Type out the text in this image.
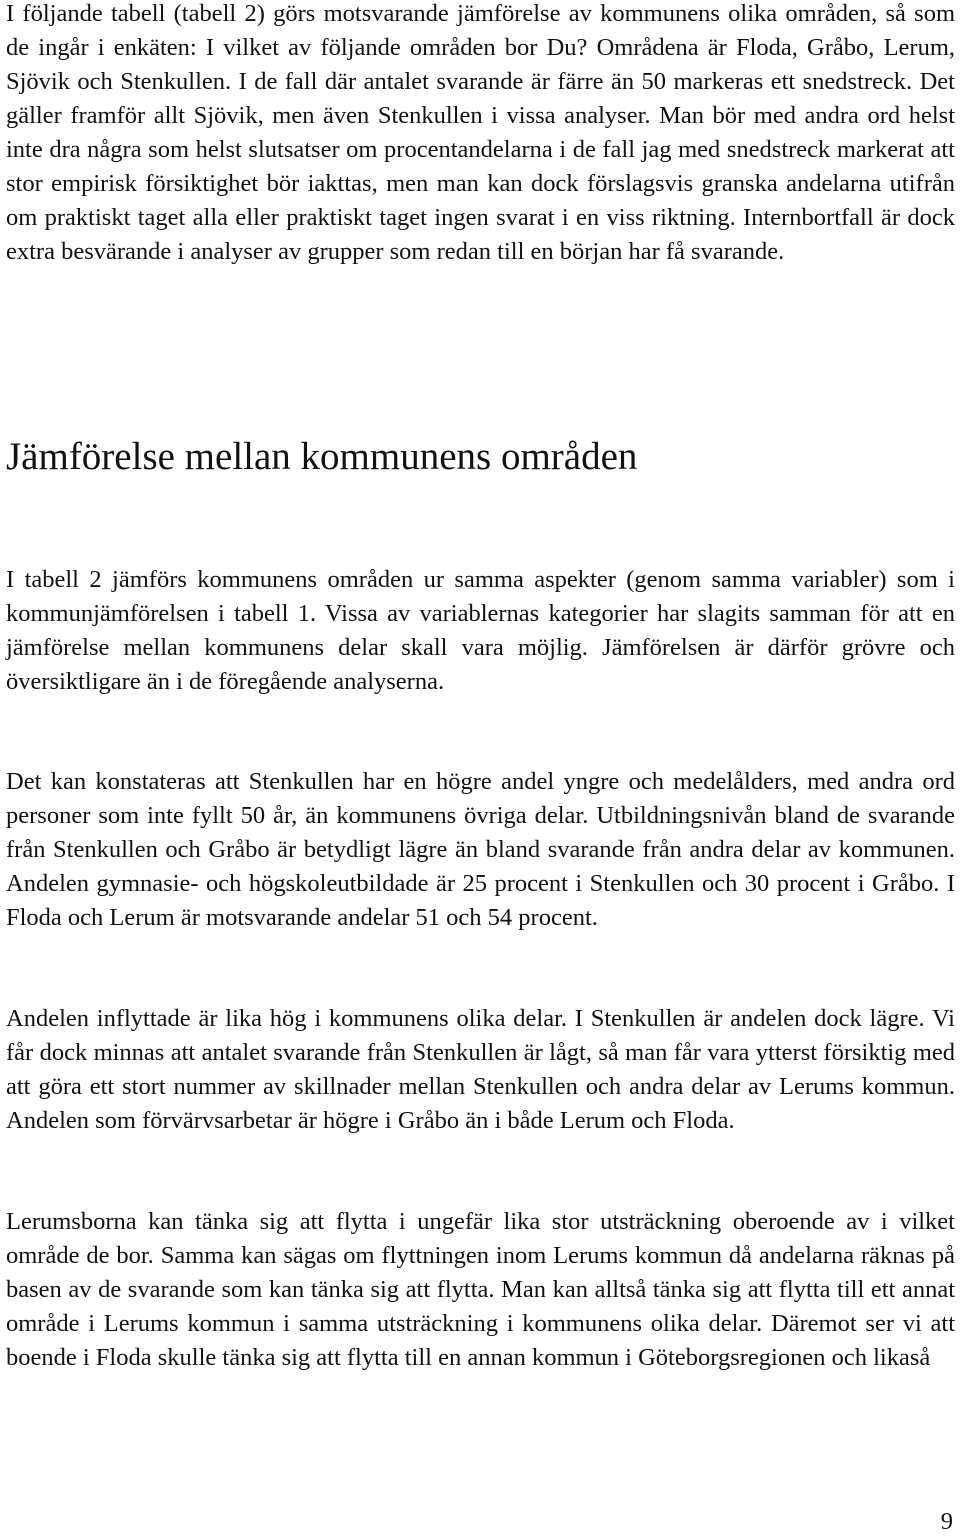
I följande tabell (tabell 2) görs motsvarande jämförelse av kommunens olika områden, så som de ingår i enkäten: I vilket av följande områden bor Du? Områdena är Floda, Gråbo, Lerum, Sjövik och Stenkullen. I de fall där antalet svarande är färre än 50 markeras ett snedstreck. Det gäller framför allt Sjövik, men även Stenkullen i vissa analyser. Man bör med andra ord helst inte dra några som helst slutsatser om procentandelarna i de fall jag med snedstreck markerat att stor empirisk försiktighet bör iakttas, men man kan dock förslagsvis granska andelarna utifrån om praktiskt taget alla eller praktiskt taget ingen svarat i en viss riktning. Internbortfall är dock extra besvärande i analyser av grupper som redan till en början har få svarande.

Jämförelse mellan kommunens områden

I tabell 2 jämförs kommunens områden ur samma aspekter (genom samma variabler) som i kommunjämförelsen i tabell 1. Vissa av variablernas kategorier har slagits samman för att en jämförelse mellan kommunens delar skall vara möjlig. Jämförelsen är därför grövre och översiktligare än i de föregående analyserna.

Det kan konstateras att Stenkullen har en högre andel yngre och medelålders, med andra ord personer som inte fyllt 50 år, än kommunens övriga delar. Utbildningsnivån bland de svarande från Stenkullen och Gråbo är betydligt lägre än bland svarande från andra delar av kommunen. Andelen gymnasie- och högskoleutbildade är 25 procent i Stenkullen och 30 procent i Gråbo. I Floda och Lerum är motsvarande andelar 51 och 54 procent.

Andelen inflyttade är lika hög i kommunens olika delar. I Stenkullen är andelen dock lägre. Vi får dock minnas att antalet svarande från Stenkullen är lågt, så man får vara ytterst försiktig med att göra ett stort nummer av skillnader mellan Stenkullen och andra delar av Lerums kommun. Andelen som förvärvsarbetar är högre i Gråbo än i både Lerum och Floda.

Lerumsborna kan tänka sig att flytta i ungefär lika stor utsträckning oberoende av i vilket område de bor. Samma kan sägas om flyttningen inom Lerums kommun då andelarna räknas på basen av de svarande som kan tänka sig att flytta. Man kan alltså tänka sig att flytta till ett annat område i Lerums kommun i samma utsträckning i kommunens olika delar. Däremot ser vi att boende i Floda skulle tänka sig att flytta till en annan kommun i Göteborgsregionen och likaså

9
